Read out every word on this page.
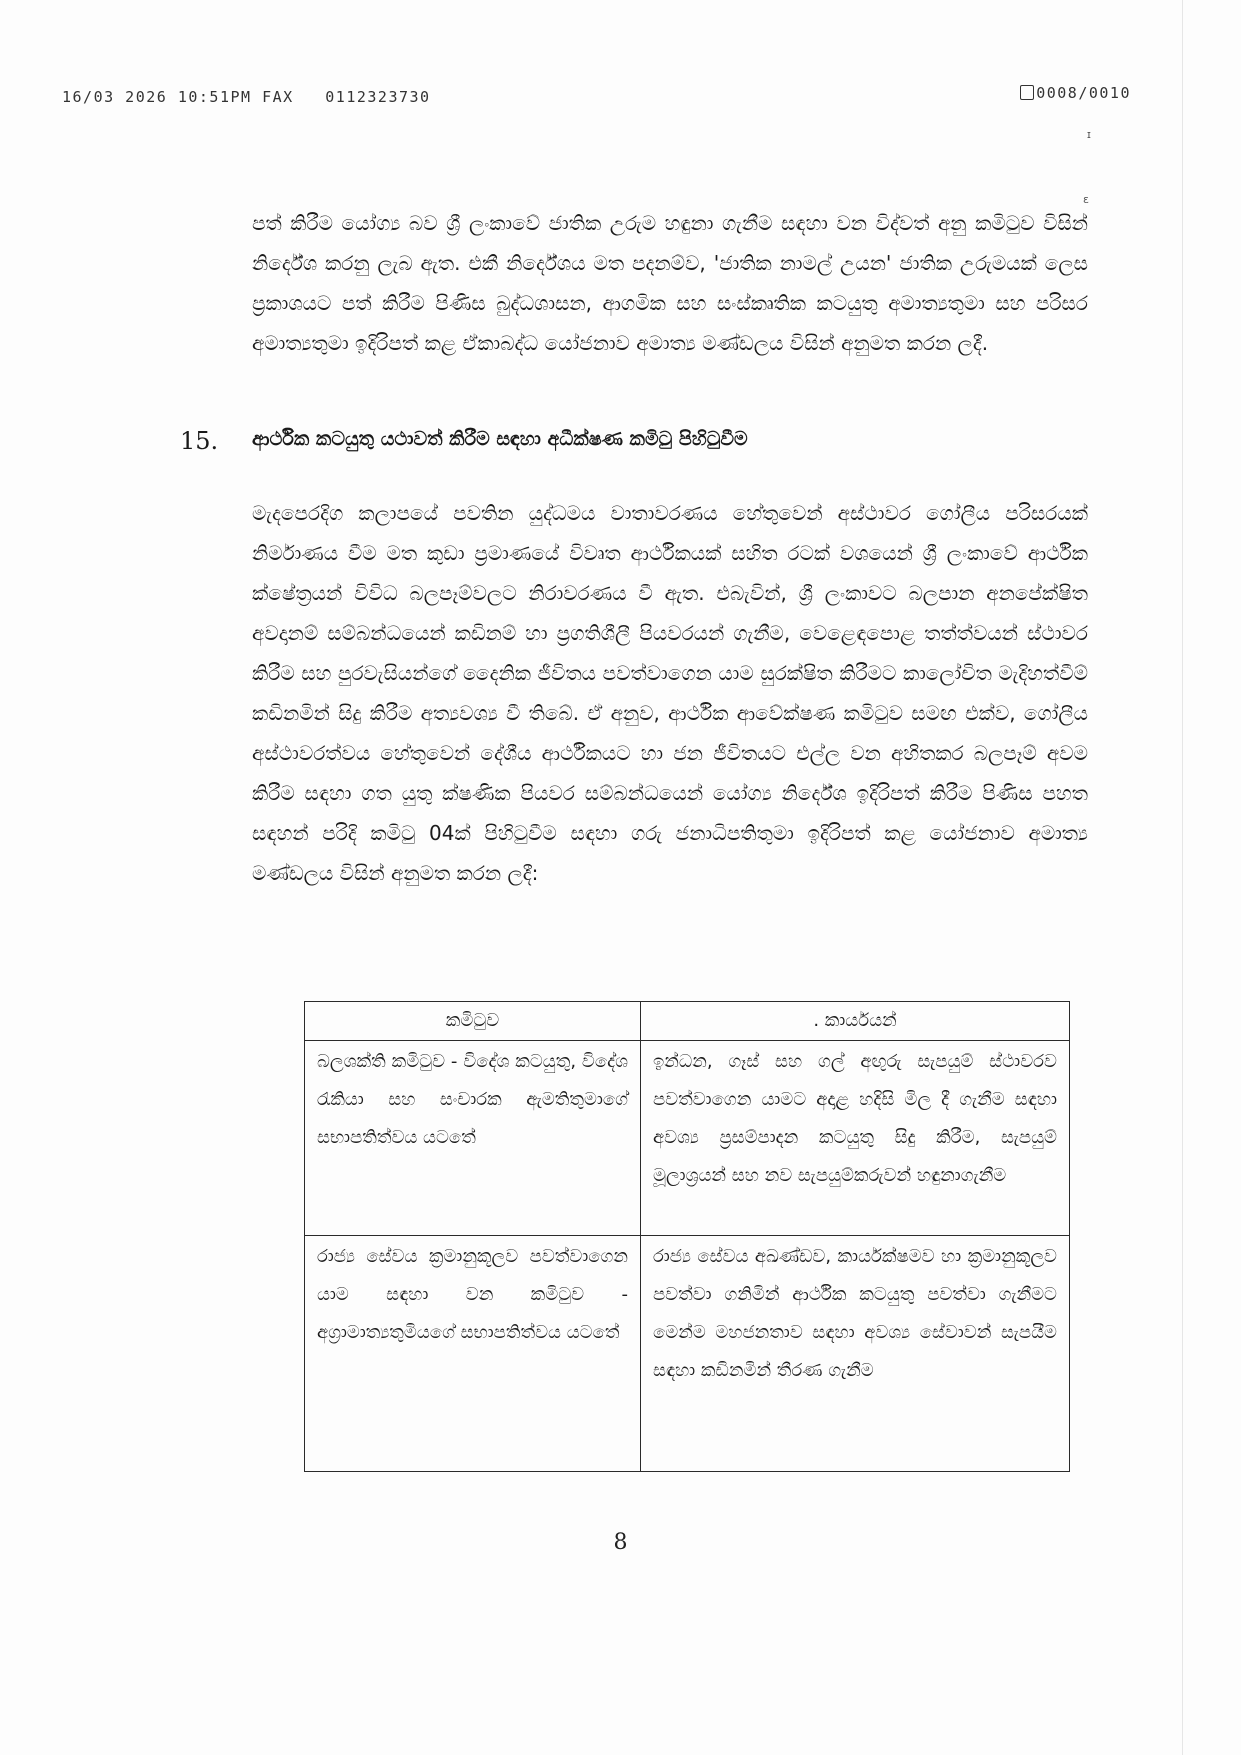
16/03 2026 10:51PM FAX 0112323730	0008/0010
ɪ
ɛ

පත් කිරීම යෝග්‍ය බව ශ්‍රී ලංකාවේ ජාතික උරුම හඳුනා ගැනීම සඳහා වන විද්වත් අනු කමිටුව විසින් නිර්දේශ කරනු ලැබ ඇත. එකී නිර්දේශය මත පදනම්ව, 'ජාතික නාමල් උයන' ජාතික උරුමයක් ලෙස ප්‍රකාශයට පත් කිරීම පිණිස බුද්ධශාසන, ආගමික සහ සංස්කෘතික කටයුතු අමාත්‍යතුමා සහ පරිසර අමාත්‍යතුමා ඉදිරිපත් කළ ඒකාබද්ධ යෝජනාව අමාත්‍ය මණ්ඩලය විසින් අනුමත කරන ලදී.

15. ආර්ථික කටයුතු යථාවත් කිරීම සඳහා අධීක්ෂණ කමිටු පිහිටුවීම

මැදපෙරදිග කලාපයේ පවතින යුද්ධමය වාතාවරණය හේතුවෙන් අස්ථාවර ගෝලීය පරිසරයක් නිර්මාණය වීම මත කුඩා ප්‍රමාණයේ විවෘත ආර්ථිකයක් සහිත රටක් වශයෙන් ශ්‍රී ලංකාවේ ආර්ථික ක්ෂේත්‍රයන් විවිධ බලපෑම්වලට නිරාවරණය වී ඇත. එබැවින්, ශ්‍රී ලංකාවට බලපාන අනපේක්ෂිත අවදානම් සම්බන්ධයෙන් කඩිනම් හා ප්‍රගතිශීලී පියවරයන් ගැනීම, වෙළෙඳපොළ තත්ත්වයන් ස්ථාවර කිරීම සහ පුරවැසියන්ගේ දෛනික ජීවිතය පවත්වාගෙන යාම සුරක්ෂිත කිරීමට කාලෝචිත මැදිහත්වීම් කඩිනමින් සිදු කිරීම අත්‍යවශ්‍ය වී තිබේ. ඒ අනුව, ආර්ථික ආවේක්ෂණ කමිටුව සමඟ එක්ව, ගෝලීය අස්ථාවරත්වය හේතුවෙන් දේශීය ආර්ථිකයට හා ජන ජීවිතයට එල්ල වන අහිතකර බලපෑම් අවම කිරීම සඳහා ගත යුතු ක්ෂණික පියවර සම්බන්ධයෙන් යෝග්‍ය නිර්දේශ ඉදිරිපත් කිරීම පිණිස පහත සඳහන් පරිදි කමිටු 04ක් පිහිටුවීම සඳහා ගරු ජනාධිපතිතුමා ඉදිරිපත් කළ යෝජනාව අමාත්‍ය මණ්ඩලය විසින් අනුමත කරන ලදී:

කමිටුව	. කාර්යයන්
බලශක්ති කමිටුව - විදේශ කටයුතු, විදේශ රැකියා සහ සංචාරක ඇමතිතුමාගේ සභාපතිත්වය යටතේ	ඉන්ධන, ගෑස් සහ ගල් අඟුරු සැපයුම් ස්ථාවරව පවත්වාගෙන යාමට අදාළ හදිසි මිල දී ගැනීම සඳහා අවශ්‍ය ප්‍රසම්පාදන කටයුතු සිදු කිරීම, සැපයුම් මූලාශ්‍රයන් සහ නව සැපයුම්කරුවන් හඳුනාගැනීම
රාජ්‍ය සේවය ක්‍රමානුකූලව පවත්වාගෙන යාම සඳහා වන කමිටුව - අග්‍රාමාත්‍යතුමියගේ සභාපතිත්වය යටතේ	රාජ්‍ය සේවය අඛණ්ඩව, කාර්යක්ෂමව හා ක්‍රමානුකූලව පවත්වා ගනිමින් ආර්ථික කටයුතු පවත්වා ගැනීමට මෙන්ම මහජනතාව සඳහා අවශ්‍ය සේවාවන් සැපයීම සඳහා කඩිනමින් තීරණ ගැනීම
8
